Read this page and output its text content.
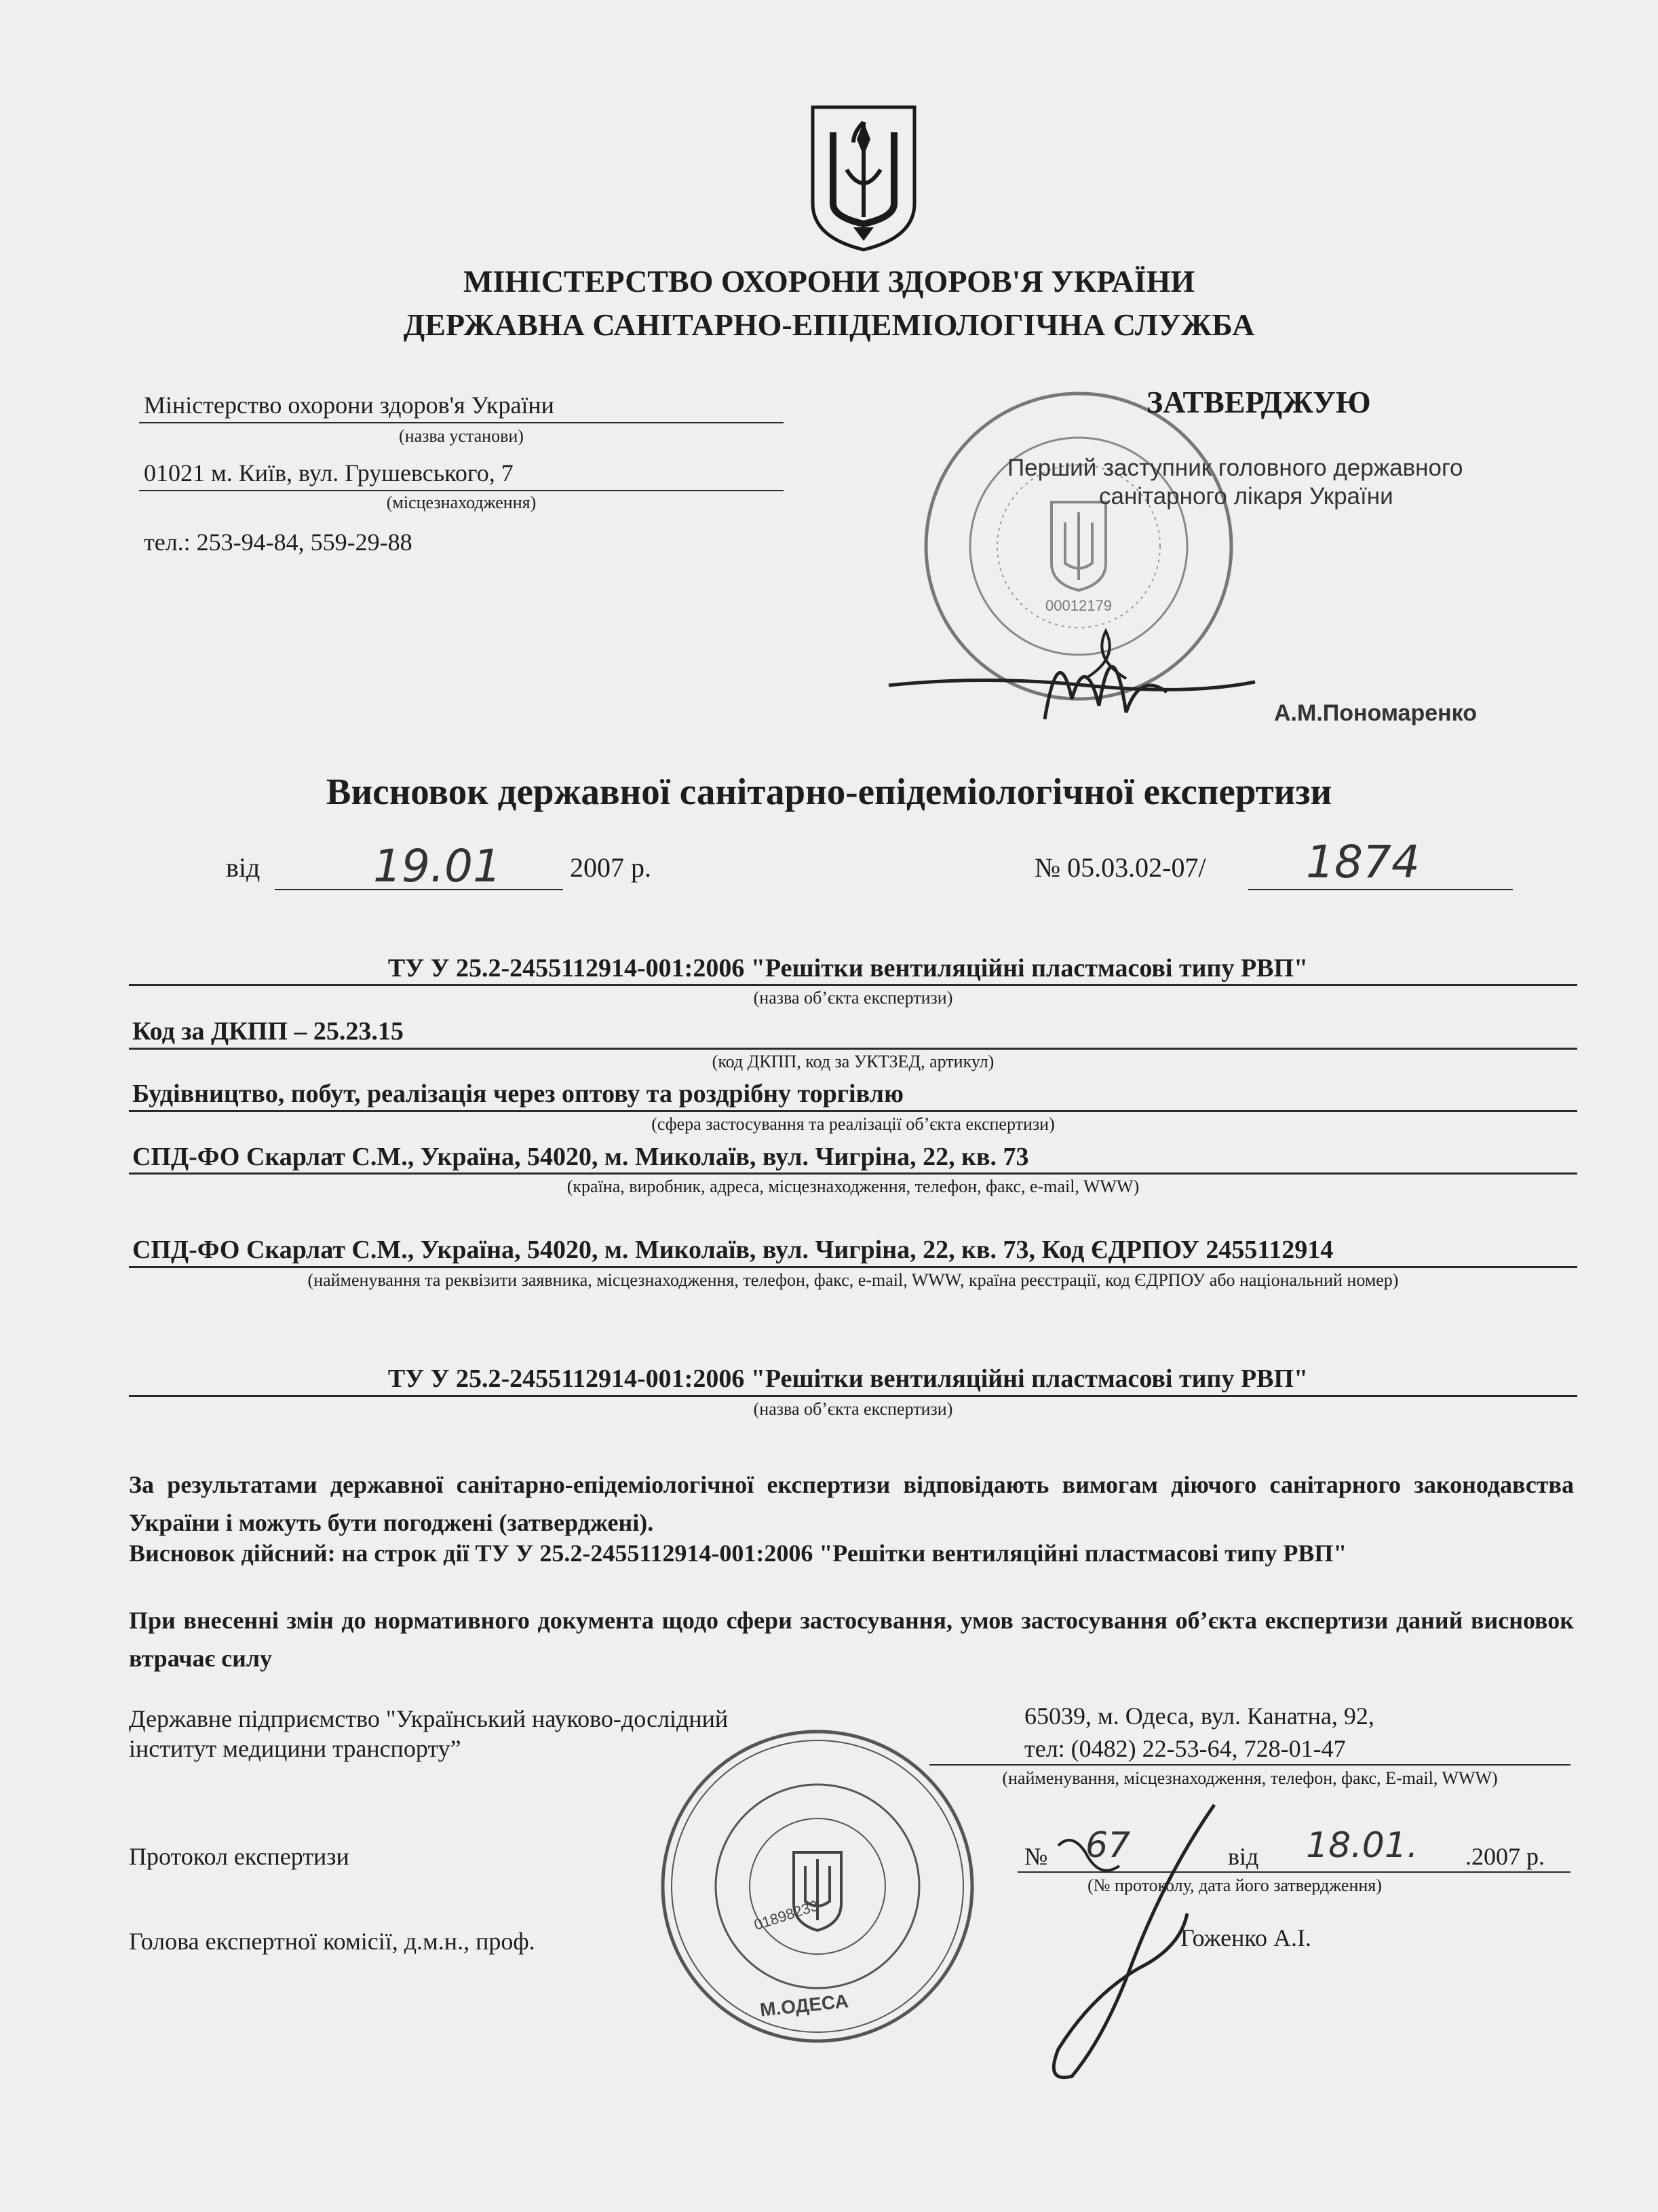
МІНІСТЕРСТВО ОХОРОНИ ЗДОРОВ'Я УКРАЇНИ
ДЕРЖАВНА САНІТАРНО-ЕПІДЕМІОЛОГІЧНА СЛУЖБА
Міністерство охорони здоров'я України
(назва установи)
01021 м. Київ, вул. Грушевського, 7
(місцезнаходження)
тел.: 253-94-84, 559-29-88
00012179
ЗАТВЕРДЖУЮ
Перший заступник головного державного
санітарного лікаря України
А.М.Пономаренко
Висновок державної санітарно-епідеміологічної експертизи
від	19.01	2007 р.	№ 05.03.02-07/ 1874
ТУ У 25.2-2455112914-001:2006 "Решітки вентиляційні пластмасові типу РВП"
(назва об’єкта експертизи)
Код за ДКПП – 25.23.15
(код ДКПП, код за УКТЗЕД, артикул)
Будівництво, побут, реалізація через оптову та роздрібну торгівлю
(сфера застосування та реалізації об’єкта експертизи)
СПД-ФО Скарлат С.М., Україна, 54020, м. Миколаїв, вул. Чигріна, 22, кв. 73
(країна, виробник, адреса, місцезнаходження, телефон, факс, e-mail, WWW)
СПД-ФО Скарлат С.М., Україна, 54020, м. Миколаїв, вул. Чигріна, 22, кв. 73, Код ЄДРПОУ 2455112914
(найменування та реквізити заявника, місцезнаходження, телефон, факс, e-mail, WWW, країна реєстрації, код ЄДРПОУ або національний номер)
ТУ У 25.2-2455112914-001:2006 "Решітки вентиляційні пластмасові типу РВП"
(назва об’єкта експертизи)
За результатами державної санітарно-епідеміологічної експертизи відповідають вимогам діючого санітарного законодавства України і можуть бути погоджені (затверджені).
Висновок дійсний: на строк дії ТУ У 25.2-2455112914-001:2006 "Решітки вентиляційні пластмасові типу РВП"
При внесенні змін до нормативного документа щодо сфери застосування, умов застосування об’єкта експертизи даний висновок втрачає силу
Державне підприємство "Український науково-дослідний
інститут медицини транспорту”
65039, м. Одеса, вул. Канатна, 92,
тел: (0482) 22-53-64, 728-01-47
(найменування, місцезнаходження, телефон, факс, E-mail, WWW)
Протокол експертизи	№ 67	від 18.01. .2007 р.
(№ протоколу, дата його затвердження)
Голова експертної комісії, д.м.н., проф.	Гоженко А.І.
01898233
М.ОДЕСА
